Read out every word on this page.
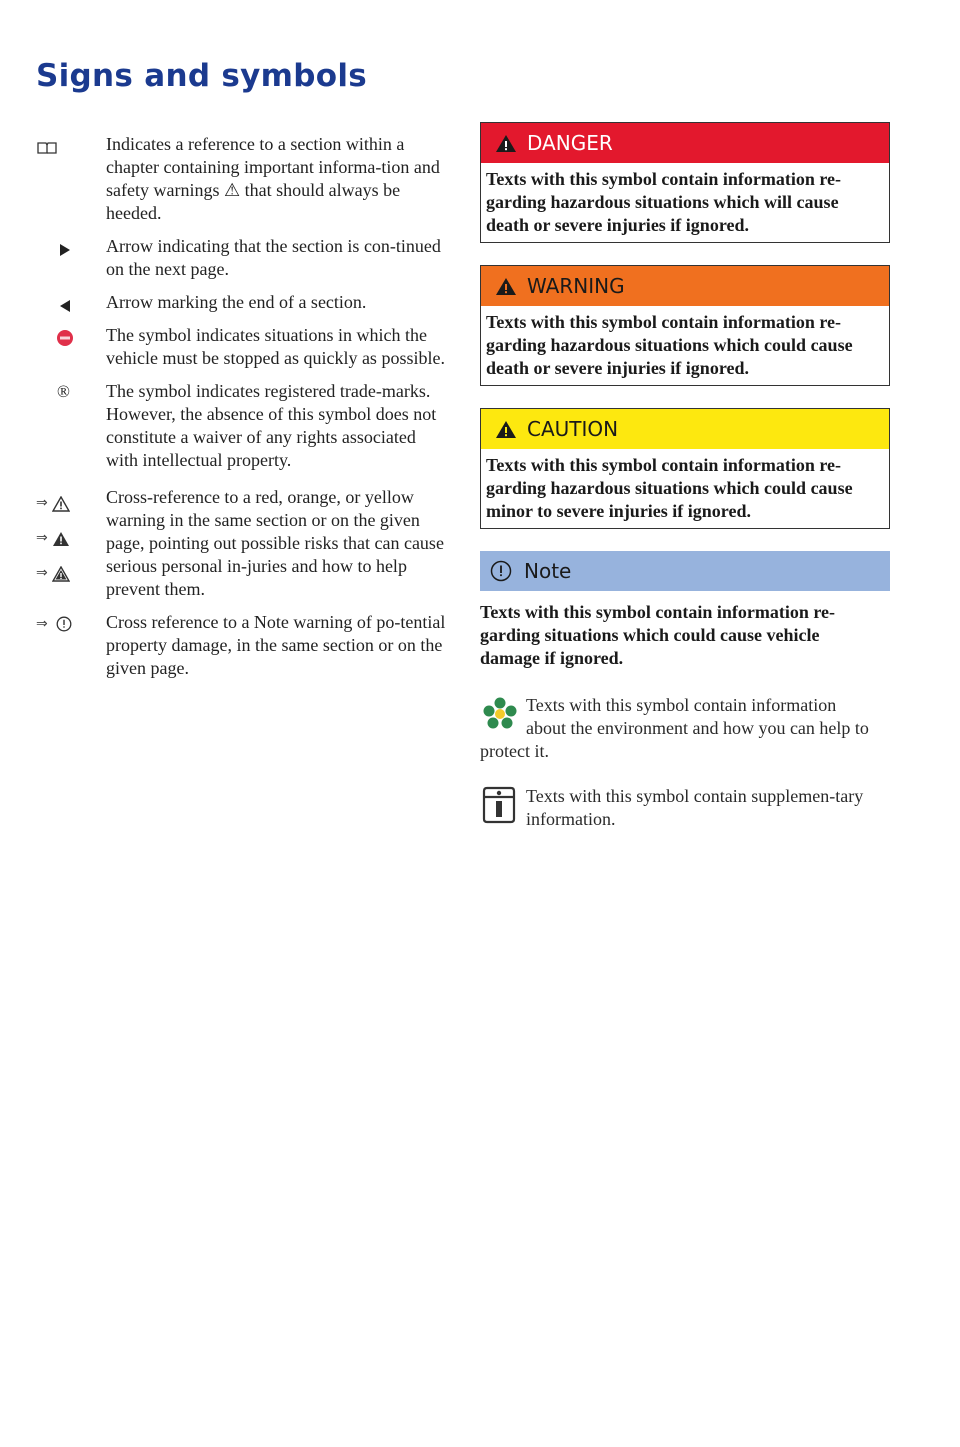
Signs and symbols

Indicates a reference to a section within a chapter containing important informa-tion and safety warnings ⚠ that should always be heeded.

Arrow indicating that the section is con-tinued on the next page.

Arrow marking the end of a section.

The symbol indicates situations in which the vehicle must be stopped as quickly as possible.

®	The symbol indicates registered trade-marks. However, the absence of this symbol does not constitute a waiver of any rights associated with intellectual property.

⇒
⇒
⇒

Cross-reference to a red, orange, or yellow warning in the same section or on the given page, pointing out possible risks that can cause serious personal in-juries and how to help prevent them.

⇒	Cross reference to a Note warning of po-tential property damage, in the same section or on the given page.

DANGER
Texts with this symbol contain information re-garding hazardous situations which will cause death or severe injuries if ignored.
WARNING
Texts with this symbol contain information re-garding hazardous situations which could cause death or severe injuries if ignored.
CAUTION
Texts with this symbol contain information re-garding hazardous situations which could cause minor to severe injuries if ignored.
Note
Texts with this symbol contain information re-garding situations which could cause vehicle damage if ignored.
Texts with this symbol contain information about the environment and how you can help to protect it.
Texts with this symbol contain supplemen-tary information.
